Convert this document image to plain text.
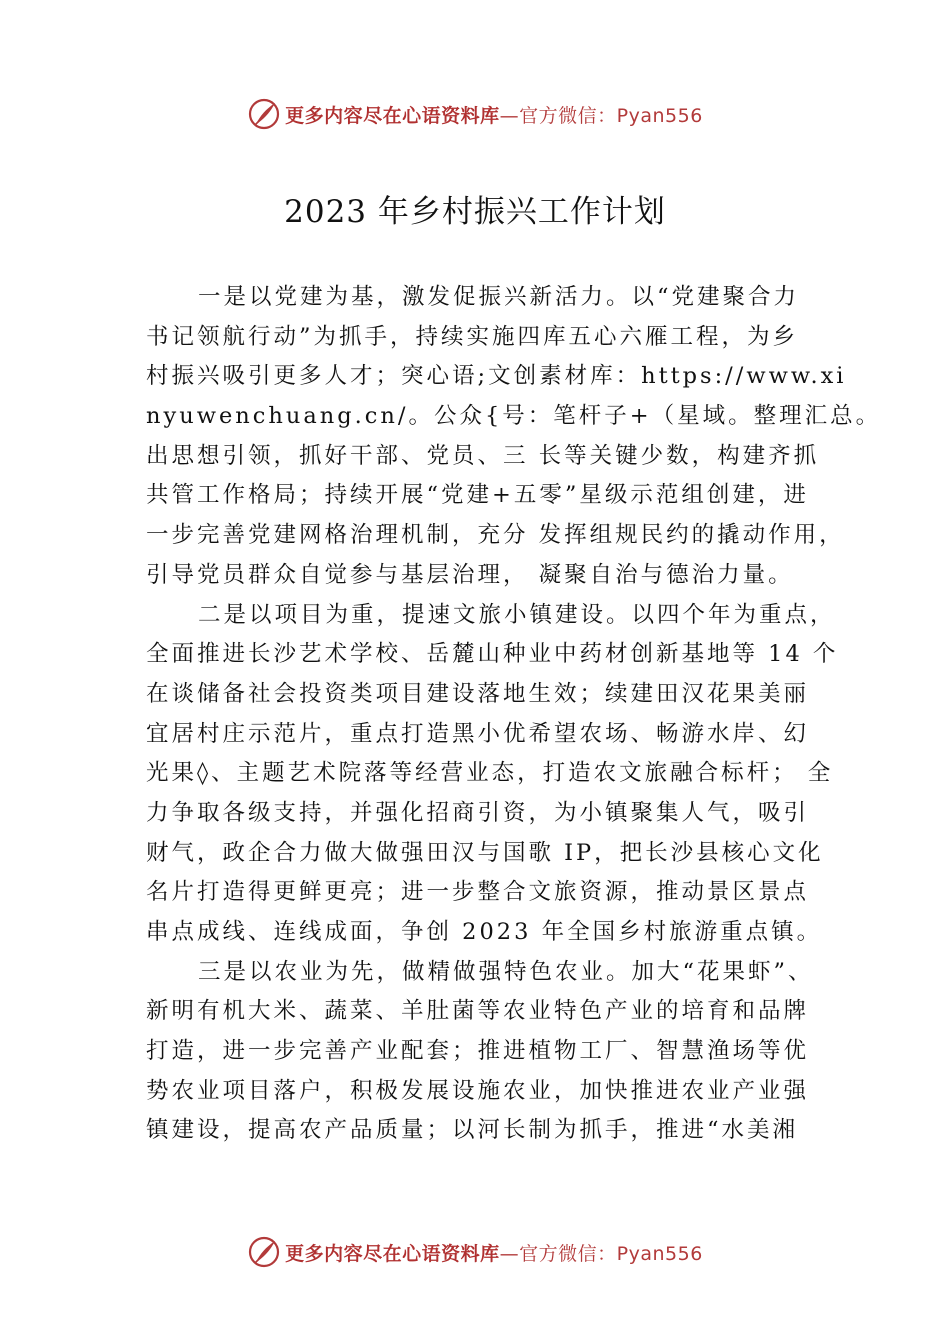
更多内容尽在心语资料库—官方微信：Pyan556
2023 年乡村振兴工作计划
一是以党建为基，激发促振兴新活力。以“党建聚合力
书记领航行动”为抓手，持续实施四库五心六雁工程，为乡
村振兴吸引更多人才；突心语;文创素材库：https://www.xi
nyuwenchuang.cn/。公众{号：笔杆子+（星域。整理汇总。
出思想引领，抓好干部、党员、三 长等关键少数，构建齐抓
共管工作格局；持续开展“党建+五零”星级示范组创建，进
一步完善党建网格治理机制，充分 发挥组规民约的撬动作用，
引导党员群众自觉参与基层治理， 凝聚自治与德治力量。
二是以项目为重，提速文旅小镇建设。以四个年为重点，
全面推进长沙艺术学校、岳麓山种业中药材创新基地等 14 个
在谈储备社会投资类项目建设落地生效；续建田汉花果美丽
宜居村庄示范片，重点打造黑小优希望农场、畅游水岸、幻
光果◊、主题艺术院落等经营业态，打造农文旅融合标杆； 全
力争取各级支持，并强化招商引资，为小镇聚集人气，吸引
财气，政企合力做大做强田汉与国歌 IP，把长沙县核心文化
名片打造得更鲜更亮；进一步整合文旅资源，推动景区景点
串点成线、连线成面，争创 2023 年全国乡村旅游重点镇。
三是以农业为先，做精做强特色农业。加大“花果虾”、
新明有机大米、蔬菜、羊肚菌等农业特色产业的培育和品牌
打造，进一步完善产业配套；推进植物工厂、智慧渔场等优
势农业项目落户，积极发展设施农业，加快推进农业产业强
镇建设，提高农产品质量；以河长制为抓手，推进“水美湘
更多内容尽在心语资料库—官方微信：Pyan556
